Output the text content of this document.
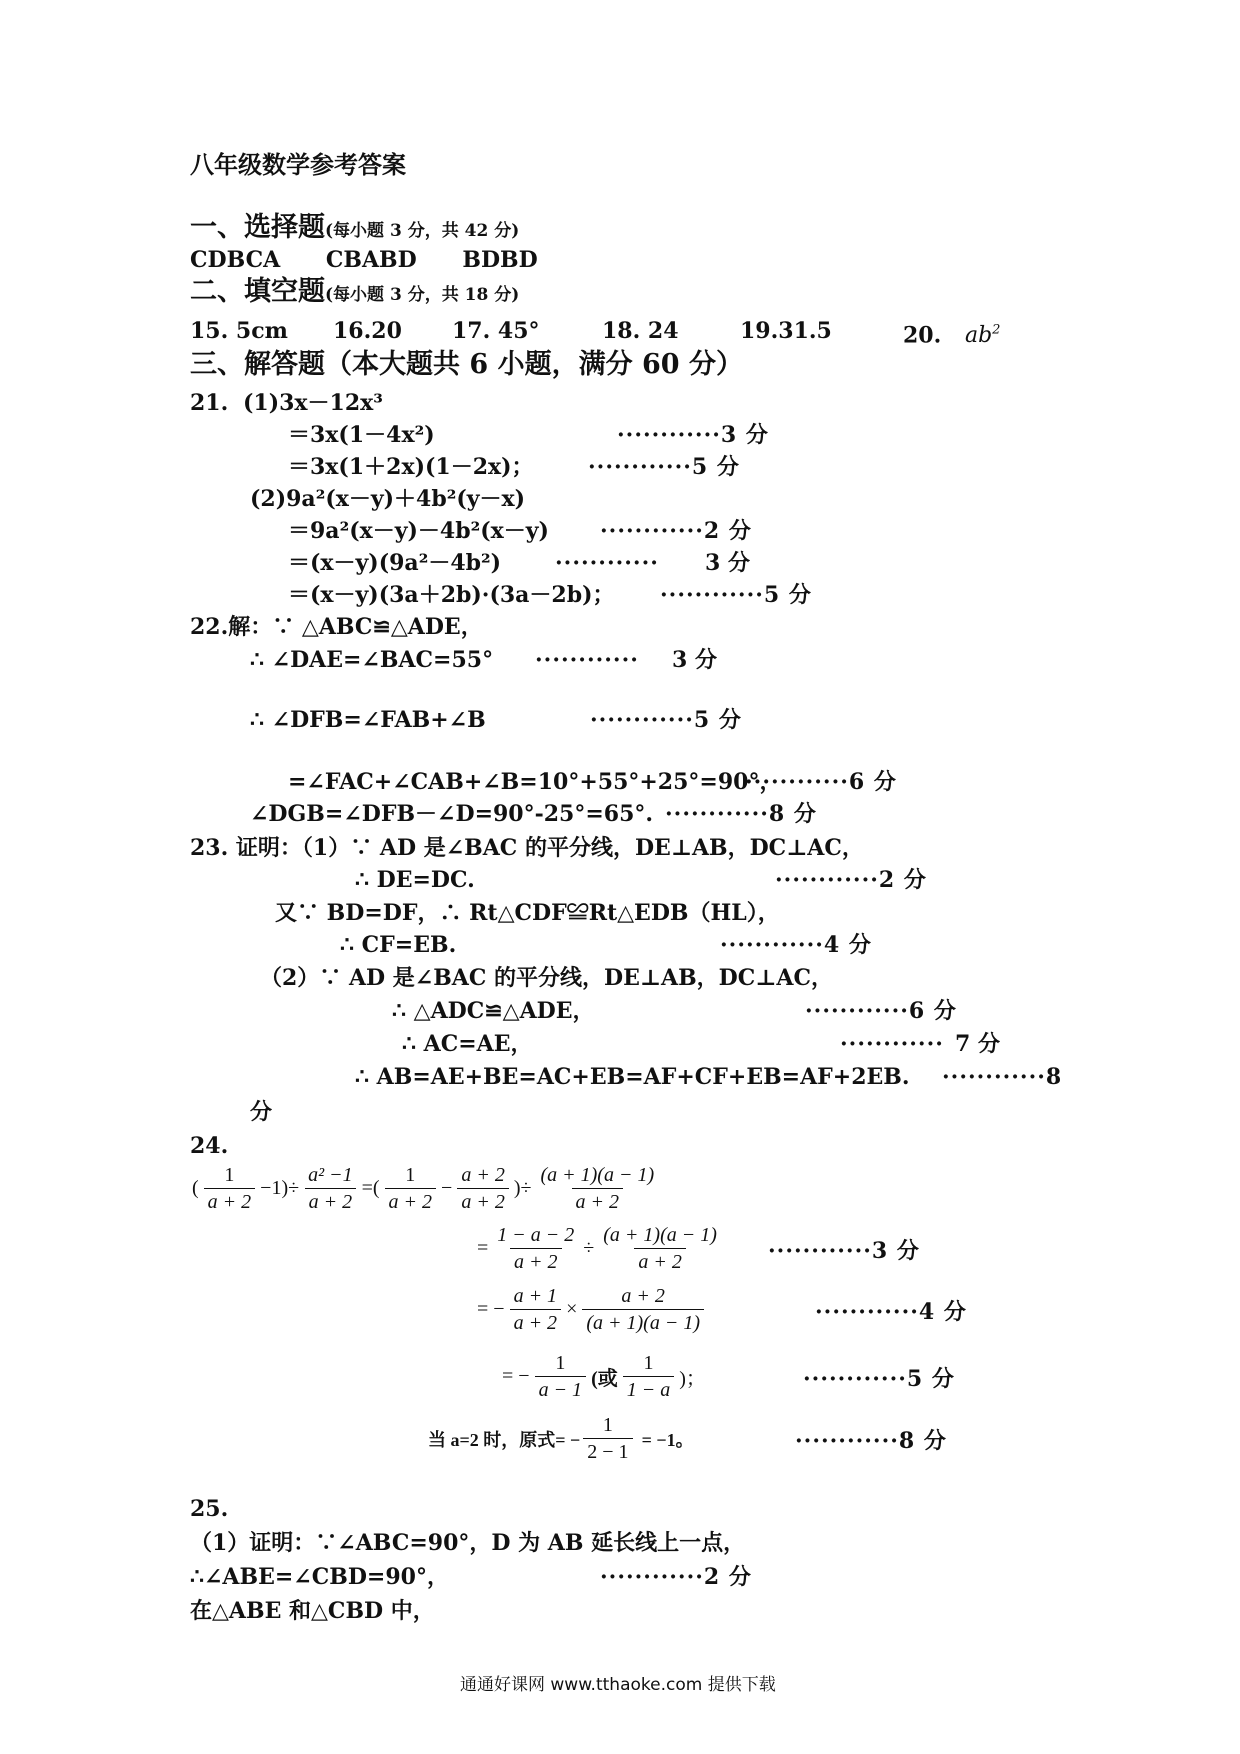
八年级数学参考答案
一、选择题(每小题 3 分，共 42 分)
CDBCA CBABD BDBD
二、填空题(每小题 3 分，共 18 分)
15. 5cm 16.20 17. 45°	18. 24	19.31.5	20. $ab^2$
三、解答题（本大题共 6 小题，满分 60 分）
21. (1)3x－12x³
＝3x(1－4x²)	············3 分
＝3x(1＋2x)(1－2x)； ············5 分
(2)9a²(x－y)＋4b²(y－x)
＝9a²(x－y)－4b²(x－y) ············2 分
＝(x－y)(9a²－4b²) ············ 3 分
＝(x－y)(3a＋2b)·(3a－2b)； ············5 分
22.解：∵ △ABC≌△ADE，
∴ ∠DAE=∠BAC=55° ············ 3 分
∴ ∠DFB=∠FAB+∠B	············5 分
=∠FAC+∠CAB+∠B=10°+55°+25°=90°，
············6 分
∠DGB=∠DFB－∠D=90°-25°=65°. ············8 分
23. 证明：（1）∵ AD 是∠BAC 的平分线，DE⊥AB，DC⊥AC，
∴ DE=DC.	············2 分
又∵ BD=DF，∴ Rt△CDF≌Rt△EDB（HL），
∴ CF=EB.	············4 分
（2）∵ AD 是∠BAC 的平分线，DE⊥AB，DC⊥AC，
∴ △ADC≌△ADE，	············6 分
∴ AC=AE，	············ 7 分
∴ AB=AE+BE=AC+EB=AF+CF+EB=AF+2EB. ············8
分
24.
( $\frac{1}{a + 2} -1)\div \frac{\text{a² −1}}{a + 2}$ =( $\frac{1}{a + 2} - \frac{a + 2}{a + 2}$ )÷ $\frac{(a + 1)(a - 1)}{a + 2}$
= $\frac{1 - a - 2}{a + 2} \div \frac{(a + 1)(a - 1)}{a + 2} \cdot\cdot\cdot\cdot\cdot\cdot\cdot\cdot\cdot\cdot\cdot\cdot 3$ 分
= − $\frac{a + 1}{a + 2} \times \frac{a + 2}{(a + 1)(a - 1)}$	············4 分
= − $\frac{1}{a - 1}$ (或 $\frac{1}{1 - a}$ )；	············5 分
当 a=2 时，原式= − $\frac{1}{2 - 1} = -1$。	············8 分
25.
（1）证明：∵∠ABC=90°，D 为 AB 延长线上一点，
∴∠ABE=∠CBD=90°，	············2 分
在△ABE 和△CBD 中，
通通好课网 www.tthaoke.com 提供下载
